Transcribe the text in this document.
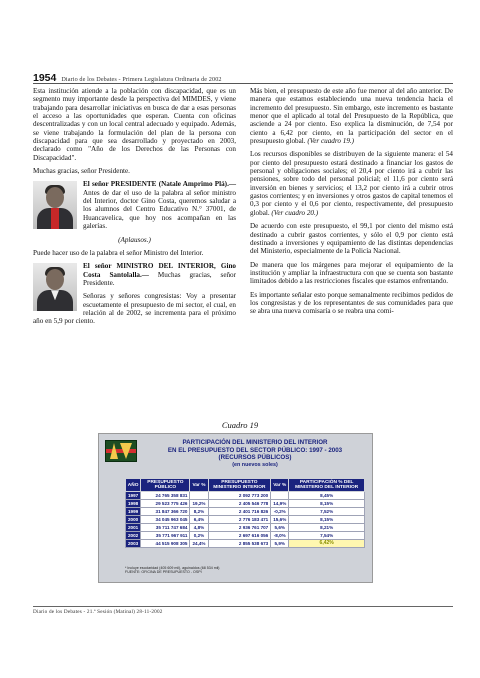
1954 Diario de los Debates - Primera Legislatura Ordinaria de 2002

Esta institución atiende a la población con discapacidad, que es un segmento muy importante desde la perspectiva del MIMDES, y viene trabajando para desarrollar iniciativas en busca de dar a esas personas el acceso a las oportunidades que esperan. Cuenta con oficinas descentralizadas y con un local central adecuado y equipado. Además, se viene trabajando la formulación del plan de la persona con discapacidad para que sea desarrollado y proyectado en 2003, declarado como "Año de los Derechos de las Personas con Discapacidad".

Muchas gracias, señor Presidente.

El señor PRESIDENTE (Natale Amprimo Plá).— Antes de dar el uso de la palabra al señor ministro del Interior, doctor Gino Costa, queremos saludar a los alumnos del Centro Educativo N.° 37001, de Huancavelica, que hoy nos acompañan en las galerías.

(Aplausos.)

Puede hacer uso de la palabra el señor Ministro del Interior.

El señor MINISTRO DEL INTERIOR, Gino Costa Santolalla.— Muchas gracias, señor Presidente.

Señoras y señores congresistas: Voy a presentar escuetamente el presupuesto de mi sector, el cual, en relación al de 2002, se incrementa para el próximo año en 5,9 por ciento.

Más bien, el presupuesto de este año fue menor al del año anterior. De manera que estamos estableciendo una nueva tendencia hacia el incremento del presupuesto. Sin embargo, este incremento es bastante menor que el aplicado al total del Presupuesto de la República, que asciende a 24 por ciento. Eso explica la disminución, de 7,54 por ciento a 6,42 por ciento, en la participación del sector en el presupuesto global. (Ver cuadro 19.)

Los recursos disponibles se distribuyen de la siguiente manera: el 54 por ciento del presupuesto estará destinado a financiar los gastos de personal y obligaciones sociales; el 20,4 por ciento irá a cubrir las pensiones, sobre todo del personal policial; el 11,6 por ciento será inversión en bienes y servicios; el 13,2 por ciento irá a cubrir otros gastos corrientes; y en inversiones y otros gastos de capital tenemos el 0,3 por ciento y el 0,6 por ciento, respectivamente, del presupuesto global. (Ver cuadro 20.)

De acuerdo con este presupuesto, el 99,1 por ciento del mismo está destinado a cubrir gastos corrientes, y sólo el 0,9 por ciento está destinado a inversiones y equipamiento de las distintas dependencias del Ministerio, especialmente de la Policía Nacional.

De manera que los márgenes para mejorar el equipamiento de la institución y ampliar la infraestructura con que se cuenta son bastante limitados debido a las restricciones fiscales que estamos enfrentando.

Es importante señalar esto porque semanalmente recibimos pedidos de los congresistas y de los representantes de sus comunidades para que se abra una nueva comisaría o se reabra una comi-

Cuadro 19
PARTICIPACIÓN DEL MINISTERIO DEL INTERIOR
EN EL PRESUPUESTO DEL SECTOR PÚBLICO: 1997 - 2003
(RECURSOS PÚBLICOS)
(en nuevos soles)
AÑO	PRESUPUESTO PÚBLICO	Var %	PRESUPUESTO MINISTERIO INTERIOR	Var %	PARTICIPACIÓN % DEL MINISTERIO DEL INTERIOR
1997	24 765 358 831		2 092 773 200		8,45%
1998	29 523 775 426	19,2%	2 405 546 778	14,9%	8,15%
1999	31 847 366 720	8,2%	2 401 716 826	-0,2%	7,52%
2000	34 045 963 045	6,4%	2 776 183 471	15,6%	8,15%
2001	35 711 747 684	4,8%	2 936 761 707	5,6%	8,21%
2002	35 771 967 911	0,2%	2 697 616 056	-8,0%	7,54%
2003	44 515 908 305	24,4%	2 855 538 673	5,9%	6,42%
* Incluye escolaridad (405 609 mil), aguinaldos (68 534 mil)
FUENTE: OFICINA DE PRESUPUESTO - OSPI
Diario de los Debates - 21.ª Sesión (Matinal) 28-11-2002
